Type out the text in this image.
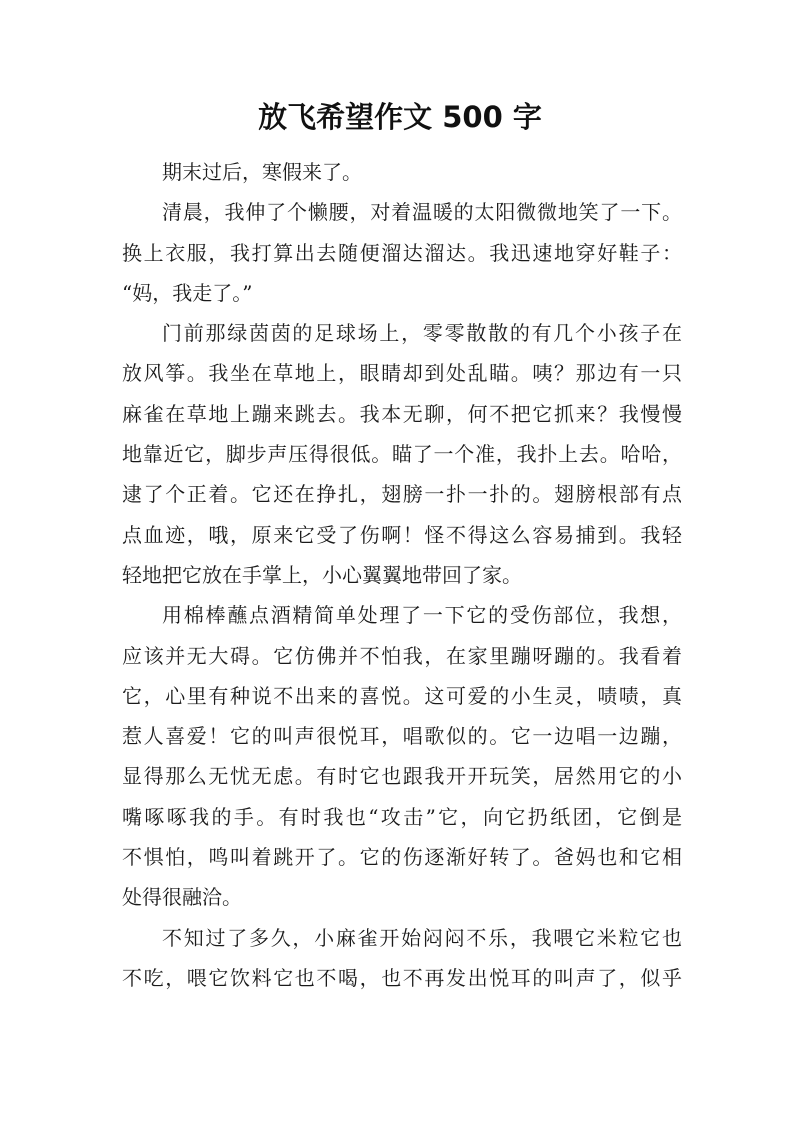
放飞希望作文 500 字
期末过后，寒假来了。
清晨，我伸了个懒腰，对着温暖的太阳微微地笑了一下。
换上衣服，我打算出去随便溜达溜达。我迅速地穿好鞋子：
“妈，我走了。”
门前那绿茵茵的足球场上，零零散散的有几个小孩子在
放风筝。我坐在草地上，眼睛却到处乱瞄。咦？那边有一只
麻雀在草地上蹦来跳去。我本无聊，何不把它抓来？我慢慢
地靠近它，脚步声压得很低。瞄了一个准，我扑上去。哈哈，
逮了个正着。它还在挣扎，翅膀一扑一扑的。翅膀根部有点
点血迹，哦，原来它受了伤啊！怪不得这么容易捕到。我轻
轻地把它放在手掌上，小心翼翼地带回了家。
用棉棒蘸点酒精简单处理了一下它的受伤部位，我想，
应该并无大碍。它仿佛并不怕我，在家里蹦呀蹦的。我看着
它，心里有种说不出来的喜悦。这可爱的小生灵，啧啧，真
惹人喜爱！它的叫声很悦耳，唱歌似的。它一边唱一边蹦，
显得那么无忧无虑。有时它也跟我开开玩笑，居然用它的小
嘴啄啄我的手。有时我也“攻击”它，向它扔纸团，它倒是
不惧怕，鸣叫着跳开了。它的伤逐渐好转了。爸妈也和它相
处得很融洽。
不知过了多久，小麻雀开始闷闷不乐，我喂它米粒它也
不吃，喂它饮料它也不喝，也不再发出悦耳的叫声了，似乎
